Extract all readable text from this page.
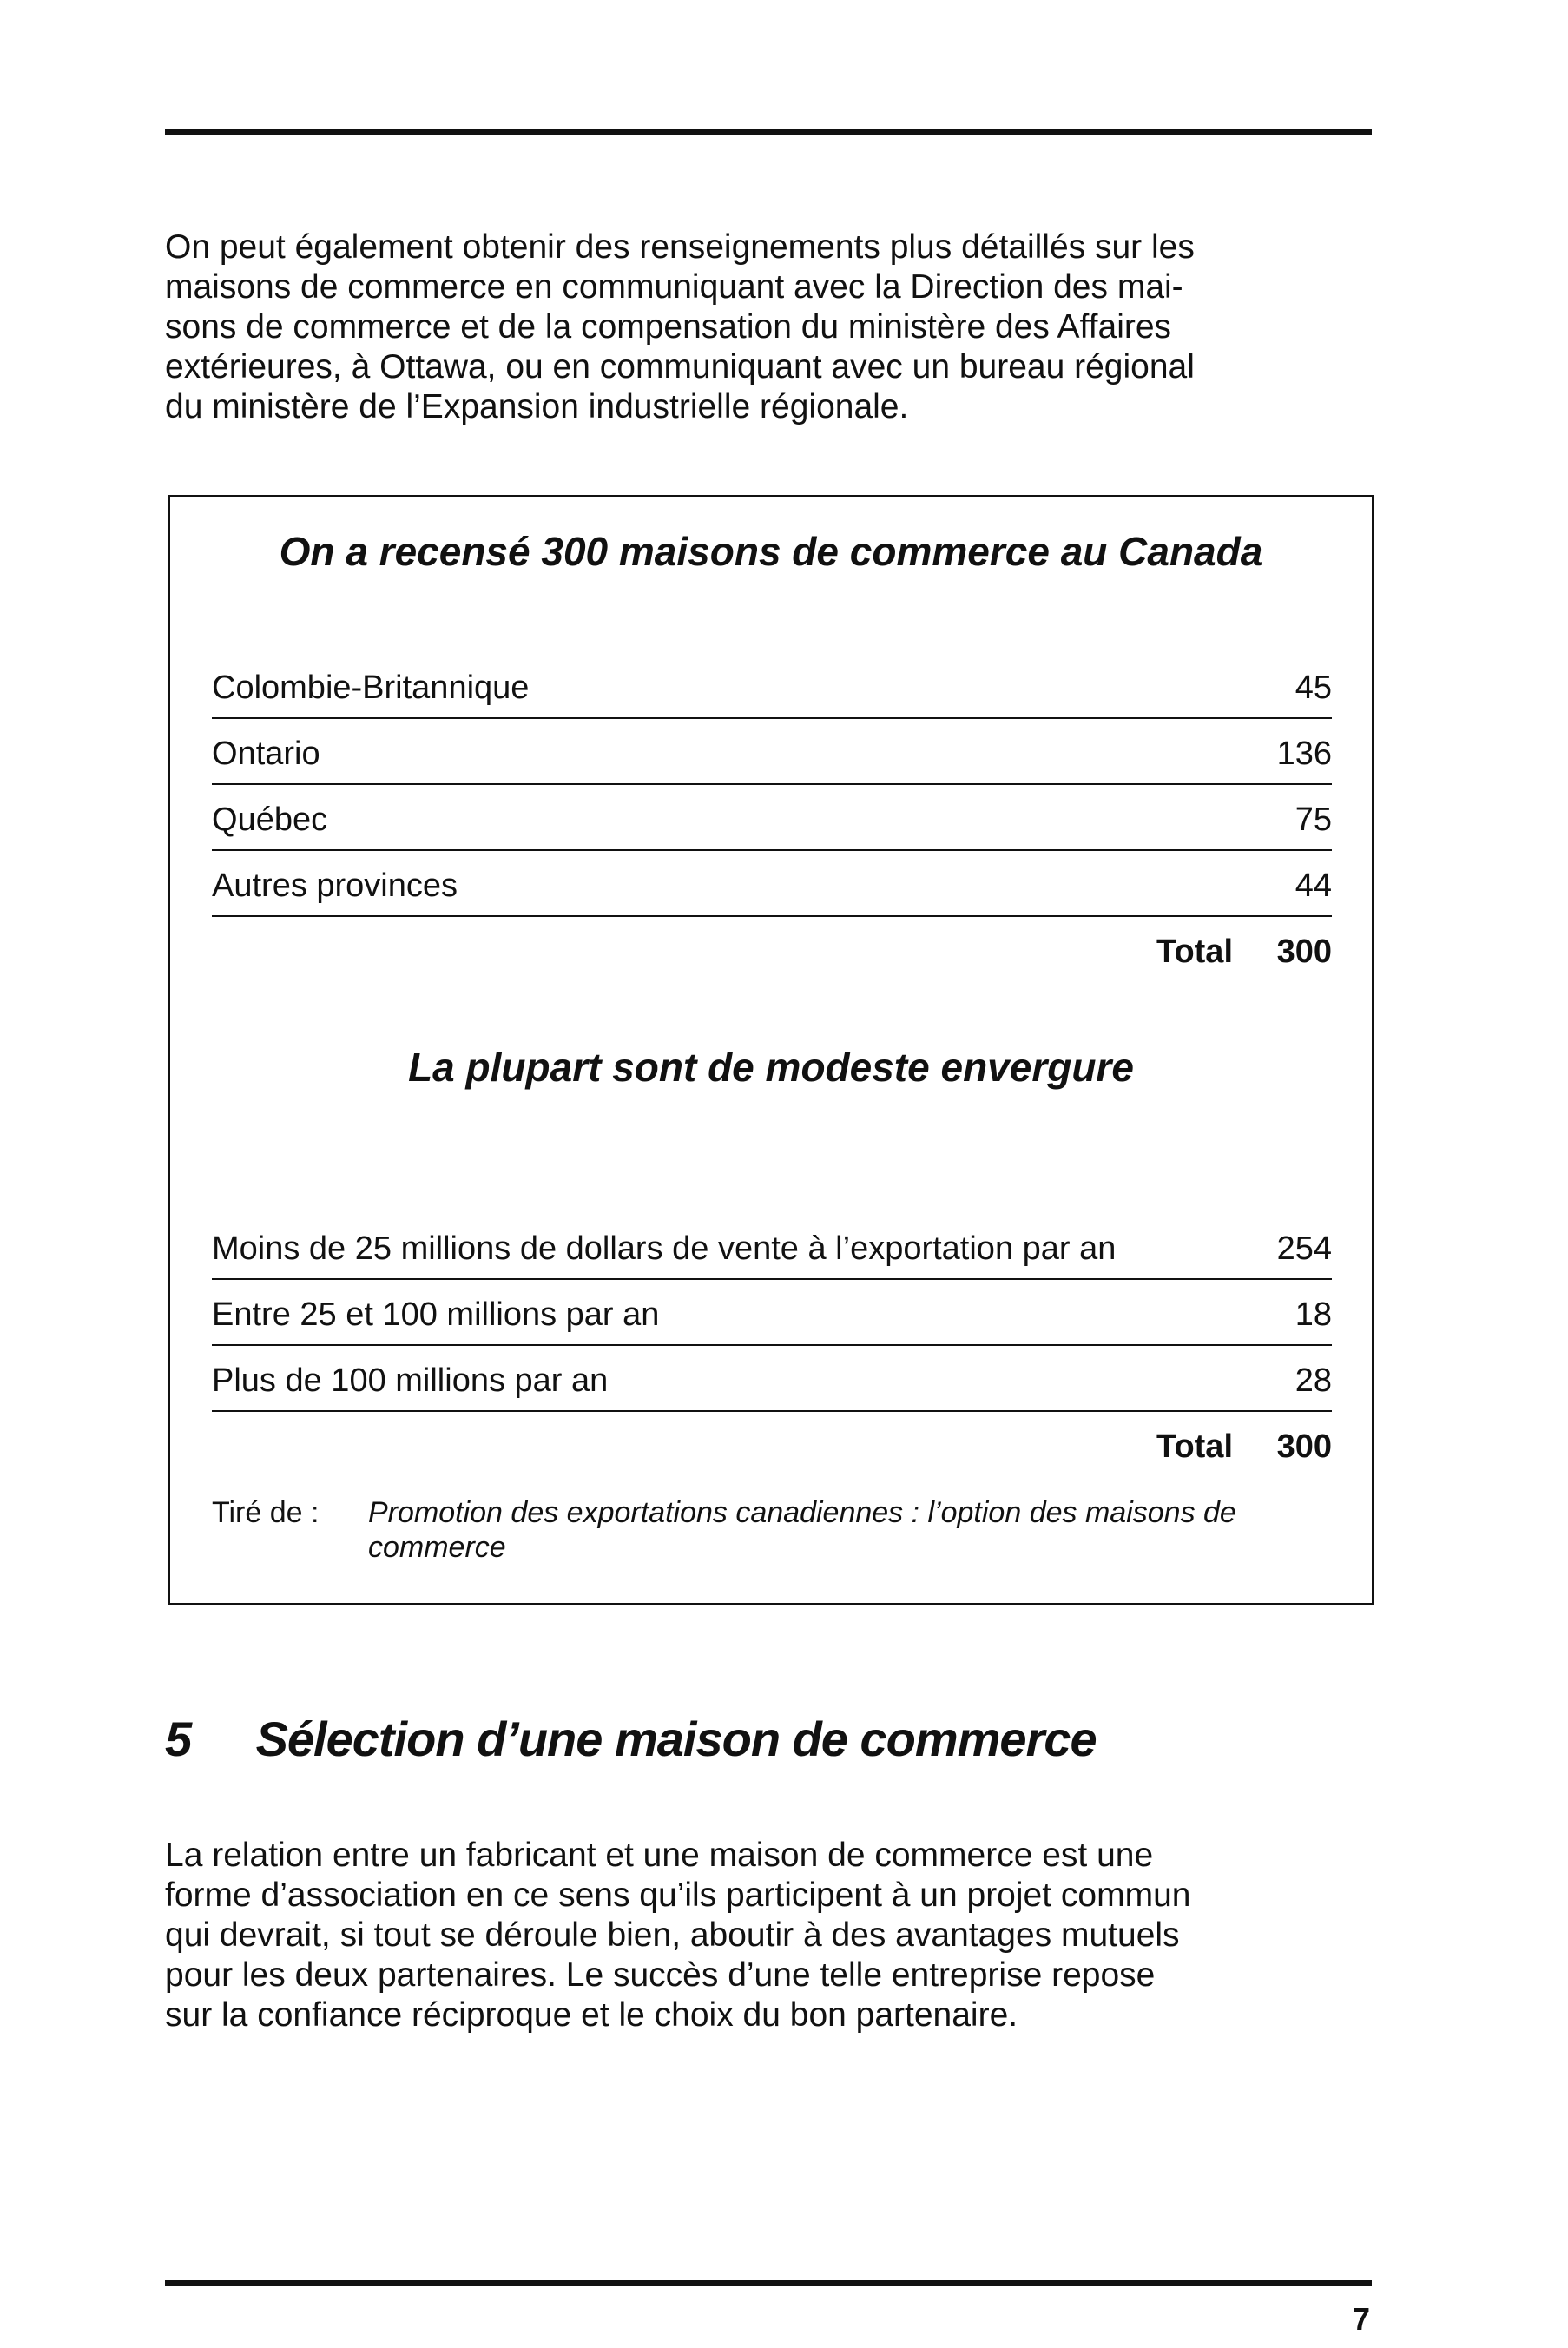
On peut également obtenir des renseignements plus détaillés sur les
maisons de commerce en communiquant avec la Direction des mai-
sons de commerce et de la compensation du ministère des Affaires
extérieures, à Ottawa, ou en communiquant avec un bureau régional
du ministère de l’Expansion industrielle régionale.

On a recensé 300 maisons de commerce au Canada
Colombie-Britannique	45
Ontario	136
Québec	75
Autres provinces	44
Total 300
La plupart sont de modeste envergure
Moins de 25 millions de dollars de vente à l’exportation par an	254
Entre 25 et 100 millions par an	18
Plus de 100 millions par an	28
Total 300
Tiré de : Promotion des exportations canadiennes : l’option des maisons de commerce
5 Sélection d’une maison de commerce

La relation entre un fabricant et une maison de commerce est une
forme d’association en ce sens qu’ils participent à un projet commun
qui devrait, si tout se déroule bien, aboutir à des avantages mutuels
pour les deux partenaires. Le succès d’une telle entreprise repose
sur la confiance réciproque et le choix du bon partenaire.

7
